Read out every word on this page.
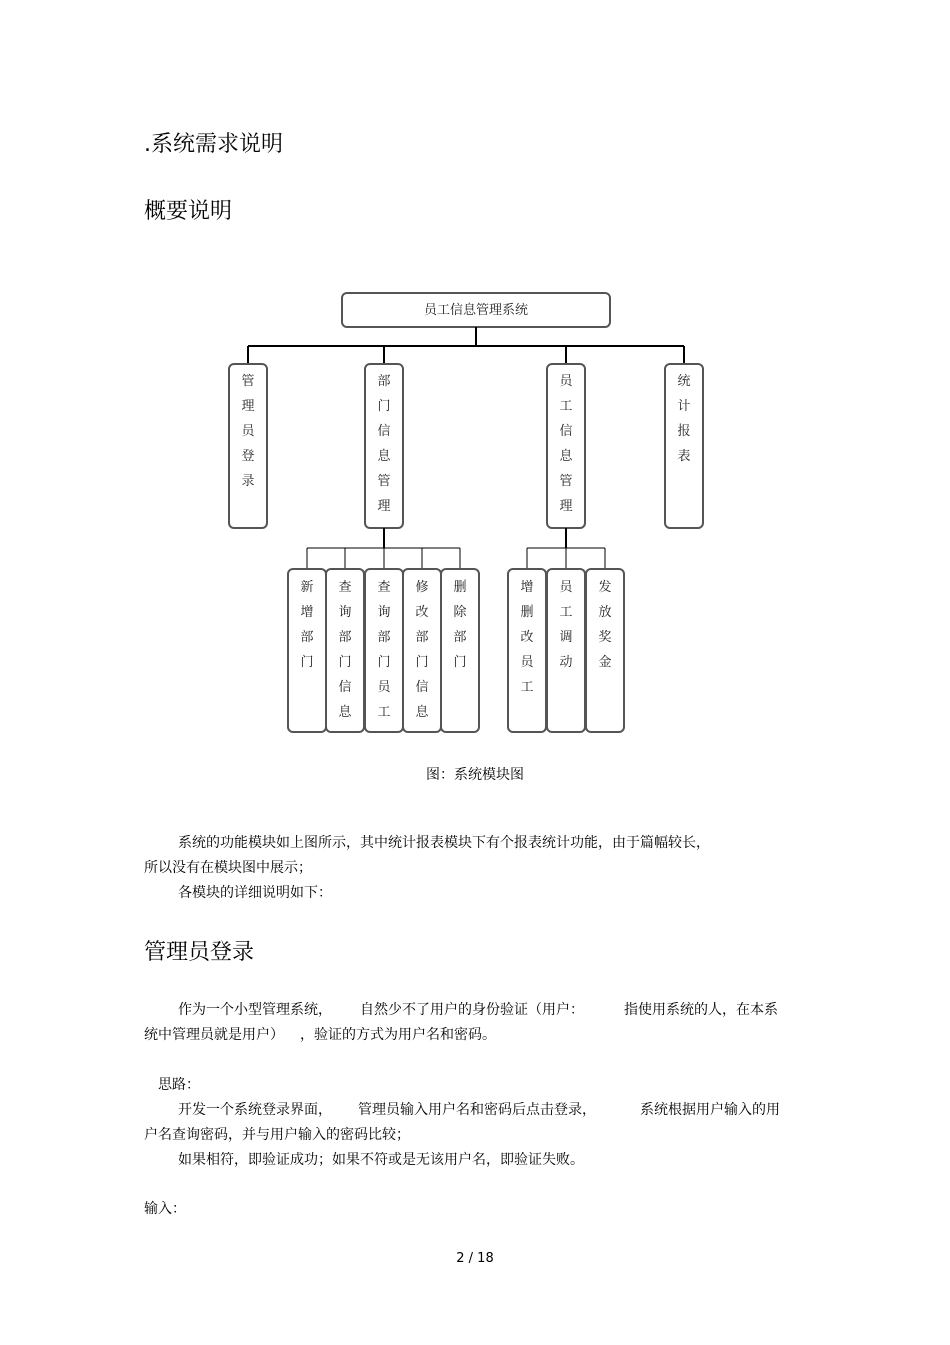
.系统需求说明
概要说明
员工信息管理系统
管理员登录
部门信息管理
员工信息管理
统计报表
新增部门
查询部门信息
查询部门员工
修改部门信息
删除部门
增删改员工
员工调动
发放奖金
图：系统模块图
系统的功能模块如上图所示，其中统计报表模块下有个报表统计功能，由于篇幅较长，
所以没有在模块图中展示；
各模块的详细说明如下：
管理员登录
作为一个小型管理系统， 自然少不了用户的身份验证（用户：	指使用系统的人，在本系
统中管理员就是用户） ，验证的方式为用户名和密码。
思路：
开发一个系统登录界面， 管理员输入用户名和密码后点击登录，	系统根据用户输入的用
户名查询密码，并与用户输入的密码比较；
如果相符，即验证成功；如果不符或是无该用户名，即验证失败。
输入：
2 / 18
